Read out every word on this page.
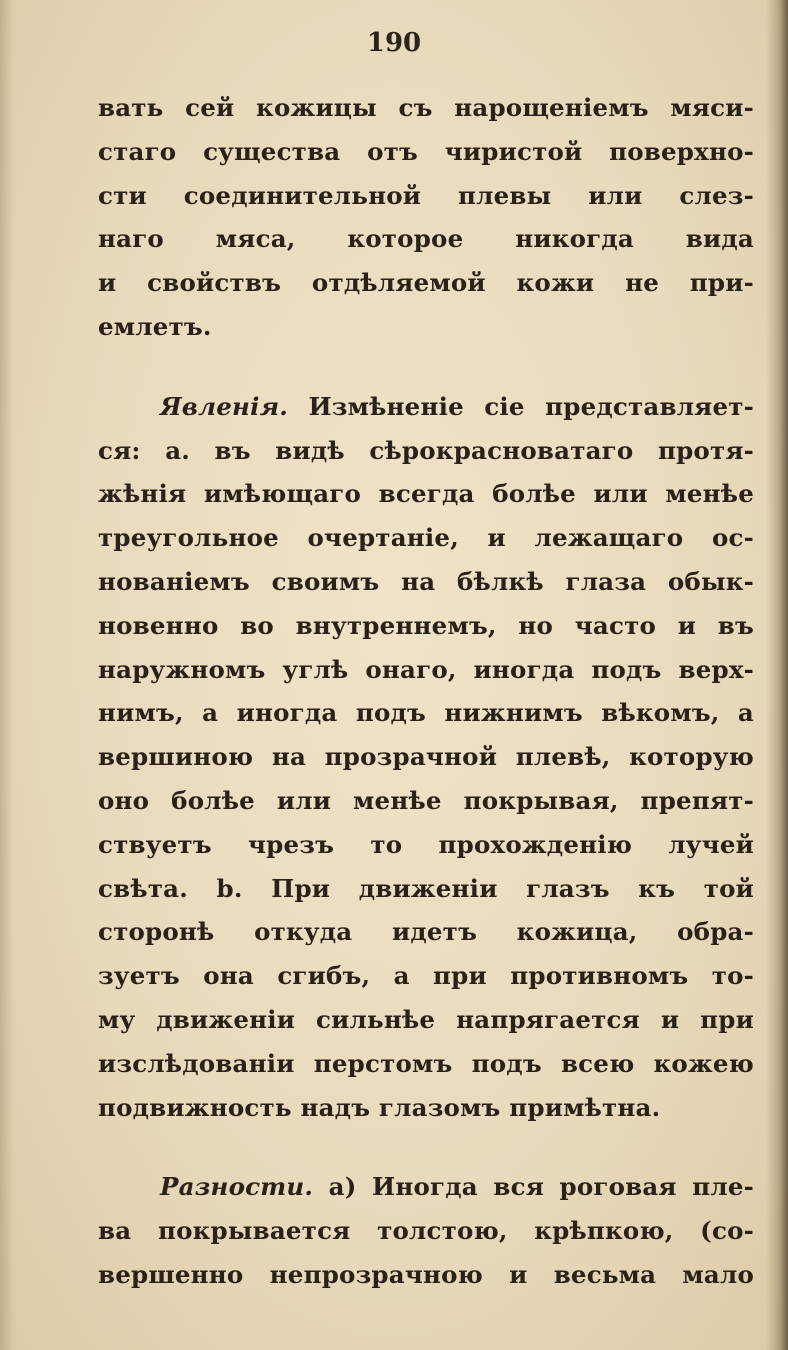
190
вать сей кожицы съ нарощеніемъ мяси-
стаго существа отъ чиристой поверхно-
сти соединительной плевы или слез-
наго мяса, которое никогда вида
и свойствъ отдѣляемой кожи не при-
емлетъ.
Явленія. Измѣненіе сіе представляет-
ся: a. въ видѣ сѣрокрасноватаго протя-
жѣнія имѣющаго всегда болѣе или менѣе
треугольное очертаніе, и лежащаго ос-
нованіемъ своимъ на бѣлкѣ глаза обык-
новенно во внутреннемъ, но часто и въ
наружномъ углѣ онаго, иногда подъ верх-
нимъ, а иногда подъ нижнимъ вѣкомъ, а
вершиною на прозрачной плевѣ, которую
оно болѣе или менѣе покрывая, препят-
ствуетъ чрезъ то прохожденію лучей
свѣта. b. При движеніи глазъ къ той
сторонѣ откуда идетъ кожица, обра-
зуетъ она сгибъ, а при противномъ то-
му движеніи сильнѣе напрягается и при
изслѣдованіи перстомъ подъ всею кожею
подвижность надъ глазомъ примѣтна.
Разности. a) Иногда вся роговая пле-
ва покрывается толстою, крѣпкою, (со-
вершенно непрозрачною и весьма мало
